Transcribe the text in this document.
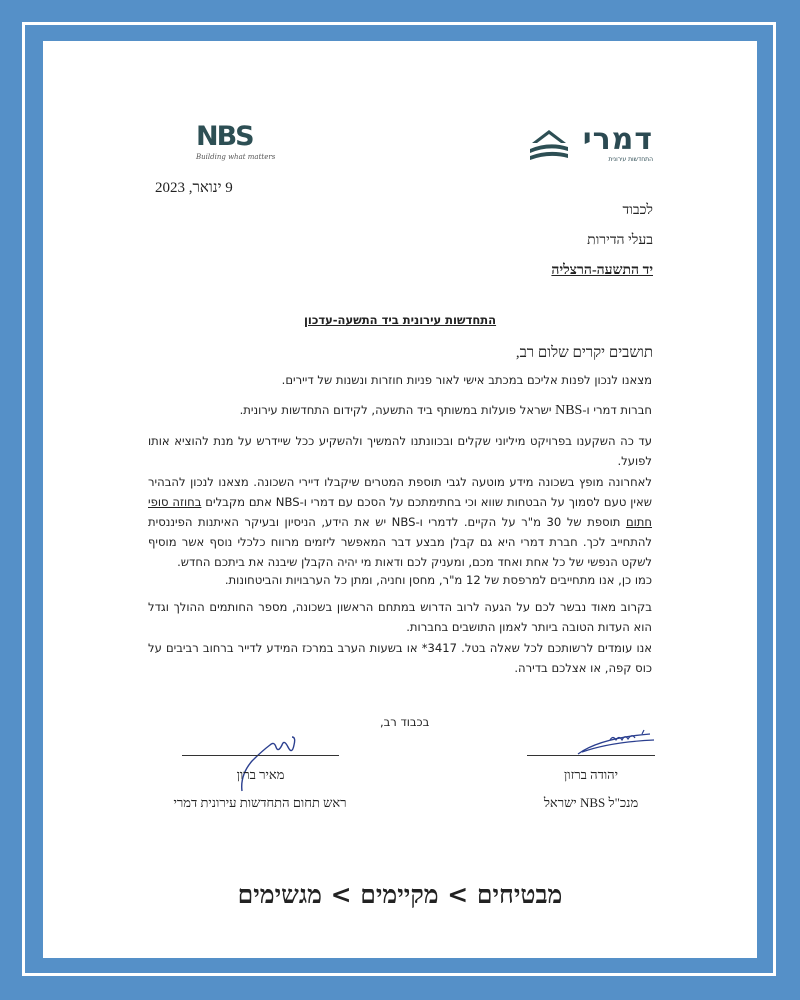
דמרי
התחדשות עירונית
NBS
Building what matters
9 ינואר, 2023
לכבוד
בעלי הדירות
יד התשעה-הרצליה
התחדשות עירונית ביד התשעה-עדכון
תושבים יקרים שלום רב,
מצאנו לנכון לפנות אליכם במכתב אישי לאור פניות חוזרות ונשנות של דיירים.
חברות דמרי ו-NBS ישראל פועלות במשותף ביד התשעה, לקידום התחדשות עירונית.
עד כה השקענו בפרויקט מיליוני שקלים ובכוונתנו להמשיך ולהשקיע ככל שיידרש על מנת להוציא אותו לפועל.
לאחרונה מופץ בשכונה מידע מוטעה לגבי תוספת המטרים שיקבלו דיירי השכונה. מצאנו לנכון להבהיר שאין טעם לסמוך על הבטחות שווא וכי בחתימתכם על הסכם עם דמרי ו-NBS אתם מקבלים בחוזה סופי חתום תוספת של 30 מ"ר על הקיים. לדמרי ו-NBS יש את הידע, הניסיון ובעיקר האיתנות הפיננסית להתחייב לכך. חברת דמרי היא גם קבלן מבצע דבר המאפשר ליזמים מרווח כלכלי נוסף אשר מוסיף לשקט הנפשי של כל אחת ואחד מכם, ומעניק לכם ודאות מי יהיה הקבלן שיבנה את ביתכם החדש.
כמו כן, אנו מתחייבים למרפסת של 12 מ"ר, מחסן וחניה, ומתן כל הערבויות והביטחונות.
בקרוב מאוד נבשר לכם על הגעה לרוב הדרוש במתחם הראשון בשכונה, מספר החותמים ההולך וגדל הוא העדות הטובה ביותר לאמון התושבים בחברות.
אנו עומדים לרשותכם לכל שאלה בטל. 3417* או בשעות הערב במרכז המידע לדייר ברחוב רביבים על כוס קפה, או אצלכם בדירה.
בכבוד רב,
יהודה ברזון
מנכ"ל NBS ישראל
מאיר ברון
ראש תחום התחדשות עירונית דמרי
מבטיחים > מקיימים > מגשימים
